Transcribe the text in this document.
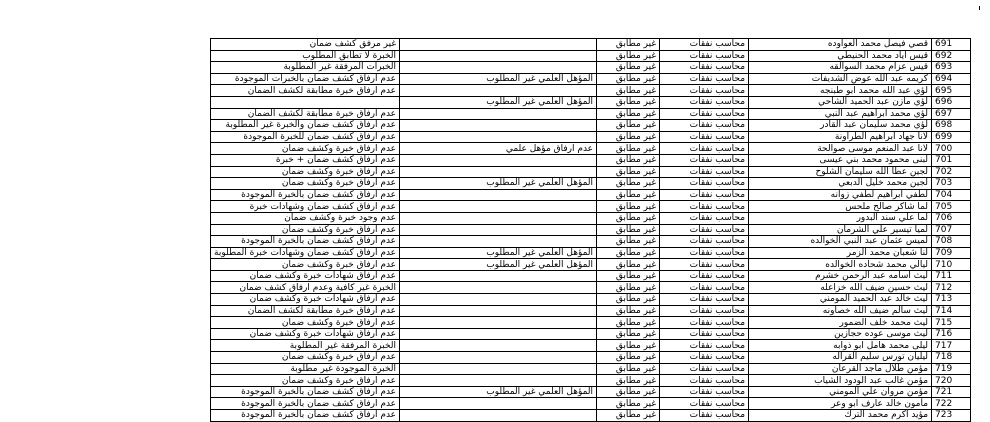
غير مرفق كشف ضمان		غير مطابق	محاسب نفقات	قصي فيصل محمد العواوده	691
الخبرة لا تطابق المطلوب		غير مطابق	محاسب نفقات	قيس اياد محمد الحنيطي	692
الخبرات المرفقة غير المطلوبة		غير مطابق	محاسب نفقات	قيس عزام محمد السوالقه	693
عدم ارفاق كشف ضمان بالخبرات الموجودة	المؤهل العلمي غير المطلوب	غير مطابق	محاسب نفقات	كريمه عبد الله عوض الشديفات	694
عدم ارفاق خبرة مطابقة لكشف الضمان		غير مطابق	محاسب نفقات	لؤي عبد الله محمد ابو طبنجه	695
	المؤهل العلمي غير المطلوب	غير مطابق	محاسب نفقات	لؤي مازن عبد الحميد الشاحي	696
عدم ارفاق خبرة مطابقة لكشف الضمان		غير مطابق	محاسب نفقات	لؤي محمد ابراهيم عبد النبي	697
عدم ارفاق كشف ضمان والخبرة غير المطلوبة		غير مطابق	محاسب نفقات	لؤي محمد سليمان عبد القادر	698
عدم ارفاق كشف ضمان للخبرة الموجودة		غير مطابق	محاسب نفقات	لانا جهاد ابراهيم الطراونة	699
عدم ارفاق خبرة وكشف ضمان	عدم ارفاق مؤهل علمي	غير مطابق	محاسب نفقات	لانا عبد المنعم موسى صوالحة	700
عدم ارفاق كشف ضمان + خبرة		غير مطابق	محاسب نفقات	لبنى محمود محمد بني عيسى	701
عدم ارفاق خبرة وكشف ضمان		غير مطابق	محاسب نفقات	لجين عطا الله سليمان الشلوح	702
عدم ارفاق خبرة وكشف ضمان	المؤهل العلمي غير المطلوب	غير مطابق	محاسب نفقات	لجين محمد خليل الدبعي	703
عدم ارفاق كشف ضمان بالخبرة الموجودة		غير مطابق	محاسب نفقات	لطفي ابراهيم لطفي زوانه	704
عدم ارفاق كشف ضمان وشهادات خبرة		غير مطابق	محاسب نفقات	لما شاكر صالح ملحس	705
عدم وجود خبرة وكشف ضمان		غير مطابق	محاسب نفقات	لما علي سند البدور	706
عدم ارفاق خبرة وكشف ضمان		غير مطابق	محاسب نفقات	لميا تيسير علي الشرمان	707
عدم ارفاق كشف ضمان بالخبرة الموجودة		غير مطابق	محاسب نفقات	لميس عثمان عبد النبي الخوالده	708
عدم ارفاق كشف ضمان وشهادات خبرة المطلوبة	المؤهل العلمي غير المطلوب	غير مطابق	محاسب نفقات	لنا شعبان محمد الزمر	709
عدم ارفاق خبرة وكشف ضمان	المؤهل العلمي غير المطلوب	غير مطابق	محاسب نفقات	ليالي محمد شحاده الخوالده	710
عدم ارفاق شهادات خبرة وكشف ضمان		غير مطابق	محاسب نفقات	ليث اسامه عبد الرحمن خشرم	711
الخبرة غير كافية وعدم ارفاق كشف ضمان		غير مطابق	محاسب نفقات	ليث حسين ضيف الله خزاعله	712
عدم ارفاق شهادات خبرة وكشف ضمان		غير مطابق	محاسب نفقات	ليث خالد عبد الحميد المومني	713
عدم ارفاق خبرة مطابقة لكشف الضمان		غير مطابق	محاسب نفقات	ليث سالم ضيف الله خصاونه	714
عدم ارفاق خبرة وكشف ضمان		غير مطابق	محاسب نفقات	ليث محمد خلف الضمور	715
عدم ارفاق شهادات خبرة وكشف ضمان		غير مطابق	محاسب نفقات	ليث موسى عوده حجازين	716
الخبرة المرفقة غير المطلوبة		غير مطابق	محاسب نفقات	ليلى محمد هامل ابو ذوابه	717
عدم ارفاق خبرة وكشف ضمان		غير مطابق	محاسب نفقات	ليليان تورس سليم القراله	718
الخبرة الموجودة غير مطلوبة		غير مطابق	محاسب نفقات	مؤمن طلال ماجد القرعان	719
عدم ارفاق خبرة وكشف ضمان		غير مطابق	محاسب نفقات	مؤمن غالب عبد الودود الشياب	720
عدم ارفاق كشف ضمان بالخبرة الموجودة	المؤهل العلمي غير المطلوب	غير مطابق	محاسب نفقات	مؤمن مروان علي المومني	721
عدم ارفاق كشف ضمان بالخبرة الموجودة		غير مطابق	محاسب نفقات	مأمون خالد عارف ابو وعر	722
عدم ارفاق كشف ضمان بالخبرة الموجودة		غير مطابق	محاسب نفقات	مؤيد اكرم محمد الترك	723
